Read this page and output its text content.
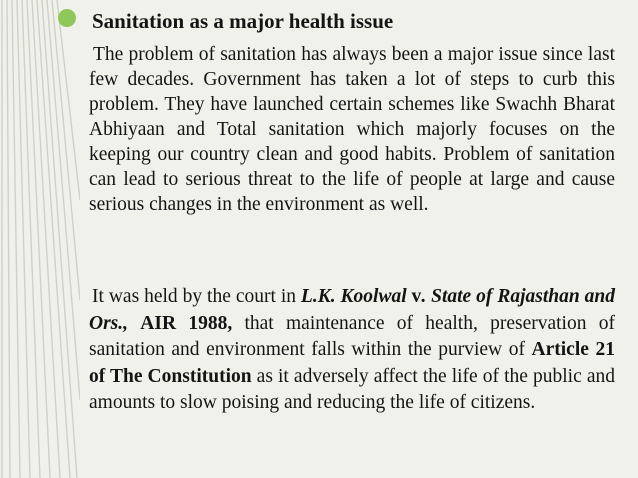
Sanitation as a major health issue

The problem of sanitation has always been a major issue since last few decades. Government has taken a lot of steps to curb this problem. They have launched certain schemes like Swachh Bharat Abhiyaan and Total sanitation which majorly focuses on the keeping our country clean and good habits. Problem of sanitation can lead to serious threat to the life of people at large and cause serious changes in the environment as well.

It was held by the court in L.K. Koolwal v. State of Rajasthan and Ors., AIR 1988, that maintenance of health, preservation of sanitation and environment falls within the purview of Article 21 of The Constitution as it adversely affect the life of the public and amounts to slow poising and reducing the life of citizens.
